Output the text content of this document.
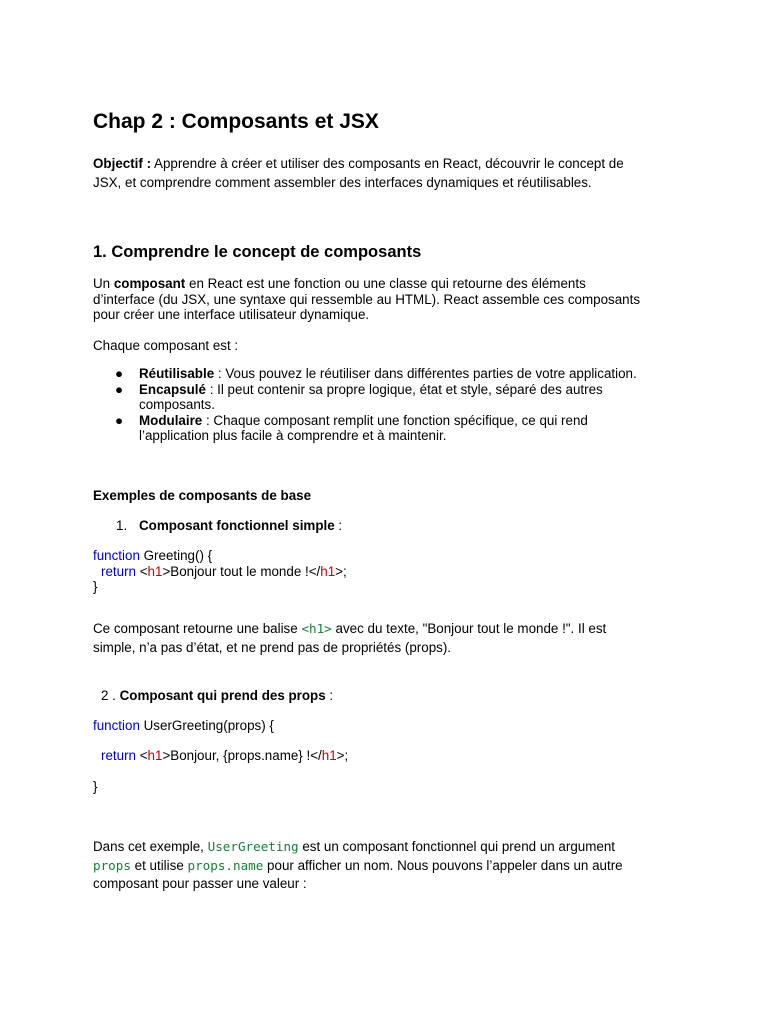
Chap 2 : Composants et JSX
Objectif : Apprendre à créer et utiliser des composants en React, découvrir le concept de
JSX, et comprendre comment assembler des interfaces dynamiques et réutilisables.
1. Comprendre le concept de composants
Un composant en React est une fonction ou une classe qui retourne des éléments
d’interface (du JSX, une syntaxe qui ressemble au HTML). React assemble ces composants
pour créer une interface utilisateur dynamique.
Chaque composant est :
● Réutilisable : Vous pouvez le réutiliser dans différentes parties de votre application.
● Encapsulé : Il peut contenir sa propre logique, état et style, séparé des autres
composants.
● Modulaire : Chaque composant remplit une fonction spécifique, ce qui rend
l’application plus facile à comprendre et à maintenir.
Exemples de composants de base
1. Composant fonctionnel simple :
function Greeting() {
return <h1>Bonjour tout le monde !</h1>;
}
Ce composant retourne une balise <h1> avec du texte, "Bonjour tout le monde !". Il est
simple, n’a pas d’état, et ne prend pas de propriétés (props).
2 . Composant qui prend des props :
function UserGreeting(props) {
return <h1>Bonjour, {props.name} !</h1>;
}
Dans cet exemple, UserGreeting est un composant fonctionnel qui prend un argument
props et utilise props.name pour afficher un nom. Nous pouvons l’appeler dans un autre
composant pour passer une valeur :
